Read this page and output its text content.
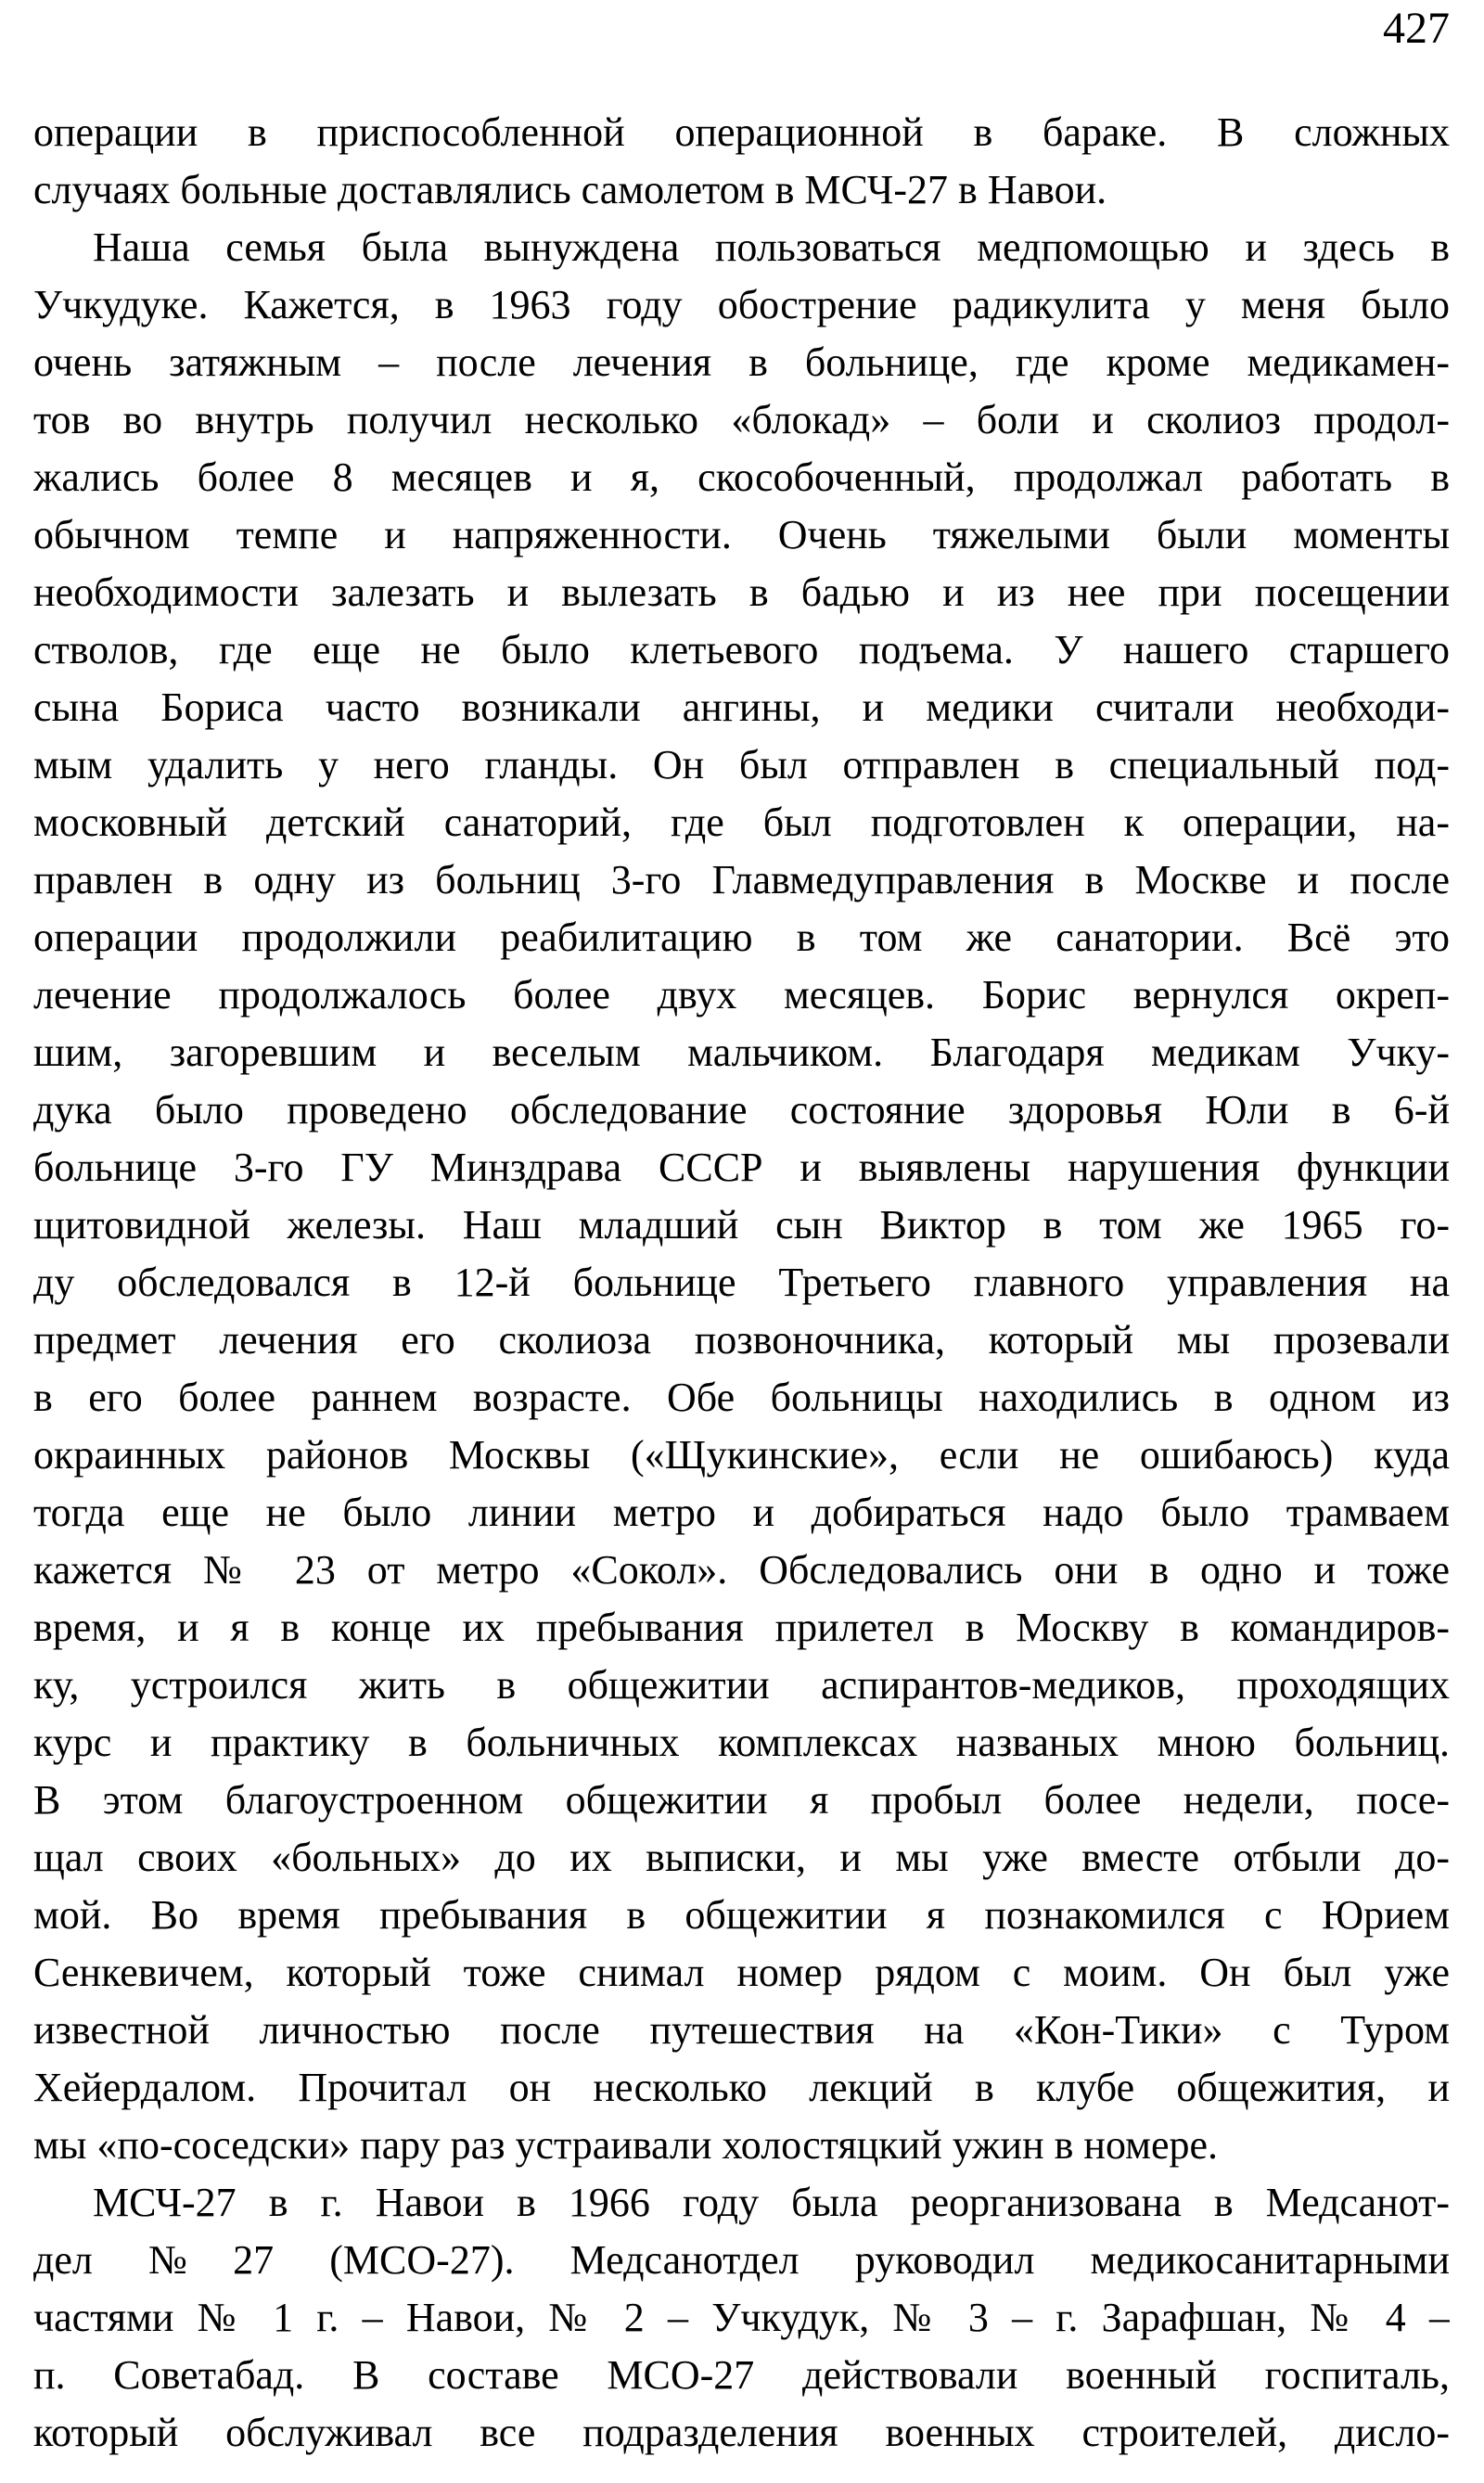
427
операции в приспособленной операционной в бараке. В сложных
случаях больные доставлялись самолетом в МСЧ-27 в Навои.
Наша семья была вынуждена пользоваться медпомощью и здесь в
Учкудуке. Кажется, в 1963 году обострение радикулита у меня было
очень затяжным – после лечения в больнице, где кроме медикамен-
тов во внутрь получил несколько «блокад» – боли и сколиоз продол-
жались более 8 месяцев и я, скособоченный, продолжал работать в
обычном темпе и напряженности. Очень тяжелыми были моменты
необходимости залезать и вылезать в бадью и из нее при посещении
стволов, где еще не было клетьевого подъема. У нашего старшего
сына Бориса часто возникали ангины, и медики считали необходи-
мым удалить у него гланды. Он был отправлен в специальный под-
московный детский санаторий, где был подготовлен к операции, на-
правлен в одну из больниц 3-го Главмедуправления в Москве и после
операции продолжили реабилитацию в том же санатории. Всё это
лечение продолжалось более двух месяцев. Борис вернулся окреп-
шим, загоревшим и веселым мальчиком. Благодаря медикам Учку-
дука было проведено обследование состояние здоровья Юли в 6-й
больнице 3-го ГУ Минздрава СССР и выявлены нарушения функции
щитовидной железы. Наш младший сын Виктор в том же 1965 го-
ду обследовался в 12-й больнице Третьего главного управления на
предмет лечения его сколиоза позвоночника, который мы прозевали
в его более раннем возрасте. Обе больницы находились в одном из
окраинных районов Москвы («Щукинские», если не ошибаюсь) куда
тогда еще не было линии метро и добираться надо было трамваем
кажется № 23 от метро «Сокол». Обследовались они в одно и тоже
время, и я в конце их пребывания прилетел в Москву в командиров-
ку, устроился жить в общежитии аспирантов-медиков, проходящих
курс и практику в больничных комплексах названых мною больниц.
В этом благоустроенном общежитии я пробыл более недели, посе-
щал своих «больных» до их выписки, и мы уже вместе отбыли до-
мой. Во время пребывания в общежитии я познакомился с Юрием
Сенкевичем, который тоже снимал номер рядом с моим. Он был уже
известной личностью после путешествия на «Кон-Тики» с Туром
Хейердалом. Прочитал он несколько лекций в клубе общежития, и
мы «по-соседски» пару раз устраивали холостяцкий ужин в номере.
МСЧ-27 в г. Навои в 1966 году была реорганизована в Медсанот-
дел №27 (МСО-27). Медсанотдел руководил медикосанитарными
частями № 1 г. – Навои, № 2 – Учкудук, № 3 – г. Зарафшан, № 4 –
п. Советабад. В составе МСО-27 действовали военный госпиталь,
который обслуживал все подразделения военных строителей, дисло-
